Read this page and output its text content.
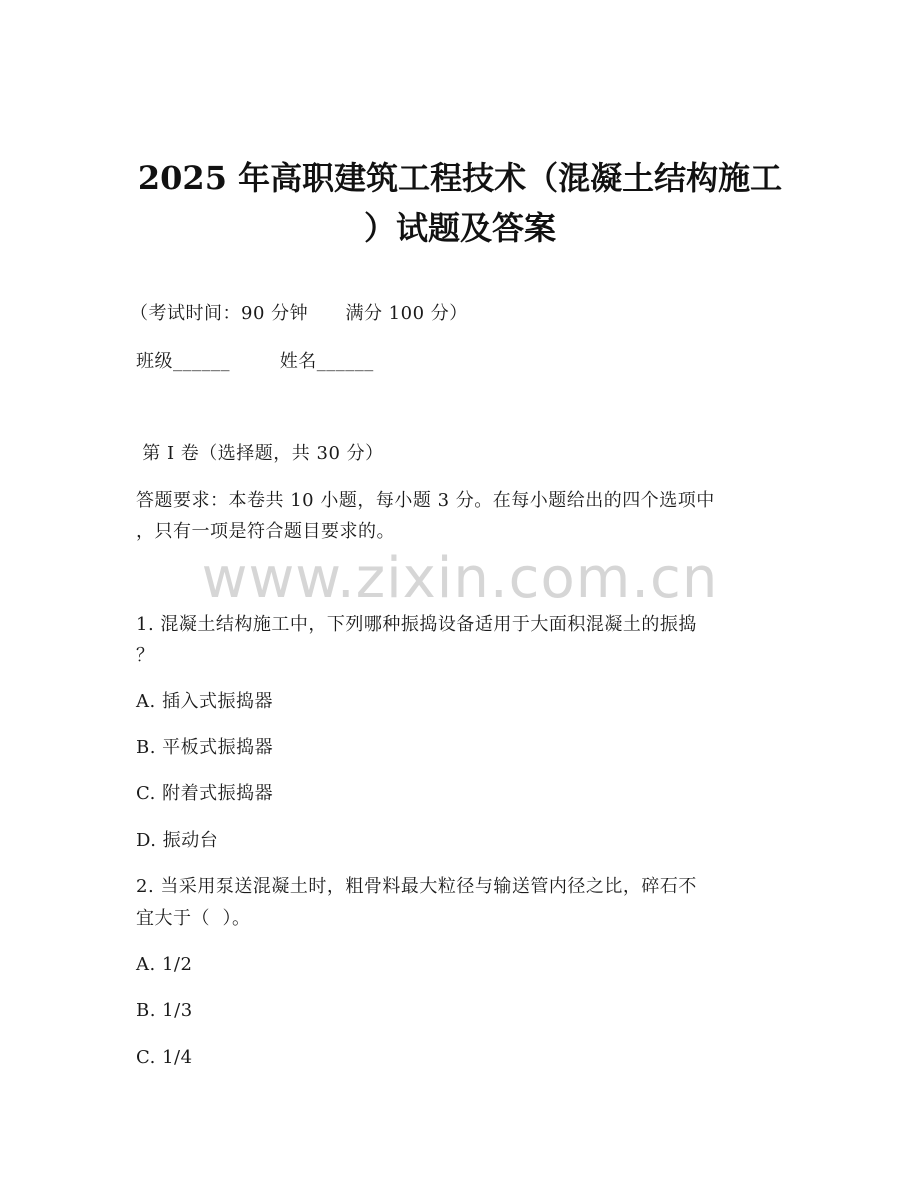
2025 年高职建筑工程技术（混凝土结构施工
）试题及答案
（考试时间：90 分钟      满分 100 分）
班级______        姓名______
第 I 卷（选择题，共 30 分）
答题要求：本卷共 10 小题，每小题 3 分。在每小题给出的四个选项中
，只有一项是符合题目要求的。
www.zixin.com.cn
1. 混凝土结构施工中，下列哪种振捣设备适用于大面积混凝土的振捣
？
A. 插入式振捣器
B. 平板式振捣器
C. 附着式振捣器
D. 振动台
2. 当采用泵送混凝土时，粗骨料最大粒径与输送管内径之比，碎石不
宜大于（  ）。
A. 1/2
B. 1/3
C. 1/4
